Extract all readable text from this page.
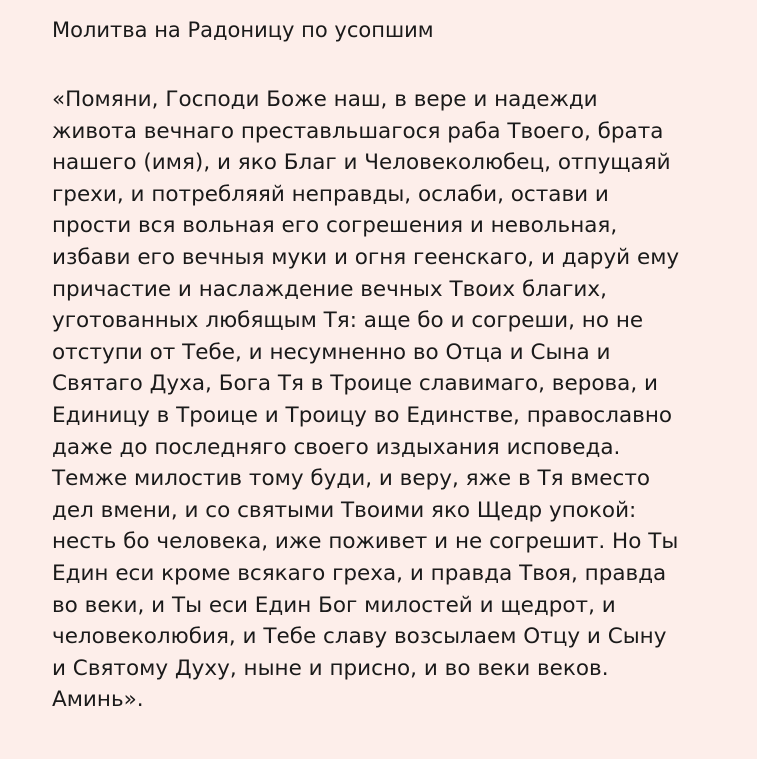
Молитва на Радоницу по усопшим

«Помяни, Господи Боже наш, в вере и надежди
живота вечнаго преставльшагося раба Твоего, брата
нашего (имя), и яко Благ и Человеколюбец, отпущаяй
грехи, и потребляяй неправды, ослаби, остави и
прости вся вольная его согрешения и невольная,
избави его вечныя муки и огня геенскаго, и даруй ему
причастие и наслаждение вечных Твоих благих,
уготованных любящым Тя: аще бо и согреши, но не
отступи от Тебе, и несумненно во Отца и Сына и
Святаго Духа, Бога Тя в Троице славимаго, верова, и
Единицу в Троице и Троицу во Единстве, православно
даже до последняго своего издыхания исповеда.
Темже милостив тому буди, и веру, яже в Тя вместо
дел вмени, и со святыми Твоими яко Щедр упокой:
несть бо человека, иже поживет и не согрешит. Но Ты
Един еси кроме всякаго греха, и правда Твоя, правда
во веки, и Ты еси Един Бог милостей и щедрот, и
человеколюбия, и Тебе славу возсылаем Отцу и Сыну
и Святому Духу, ныне и присно, и во веки веков.
Аминь».
